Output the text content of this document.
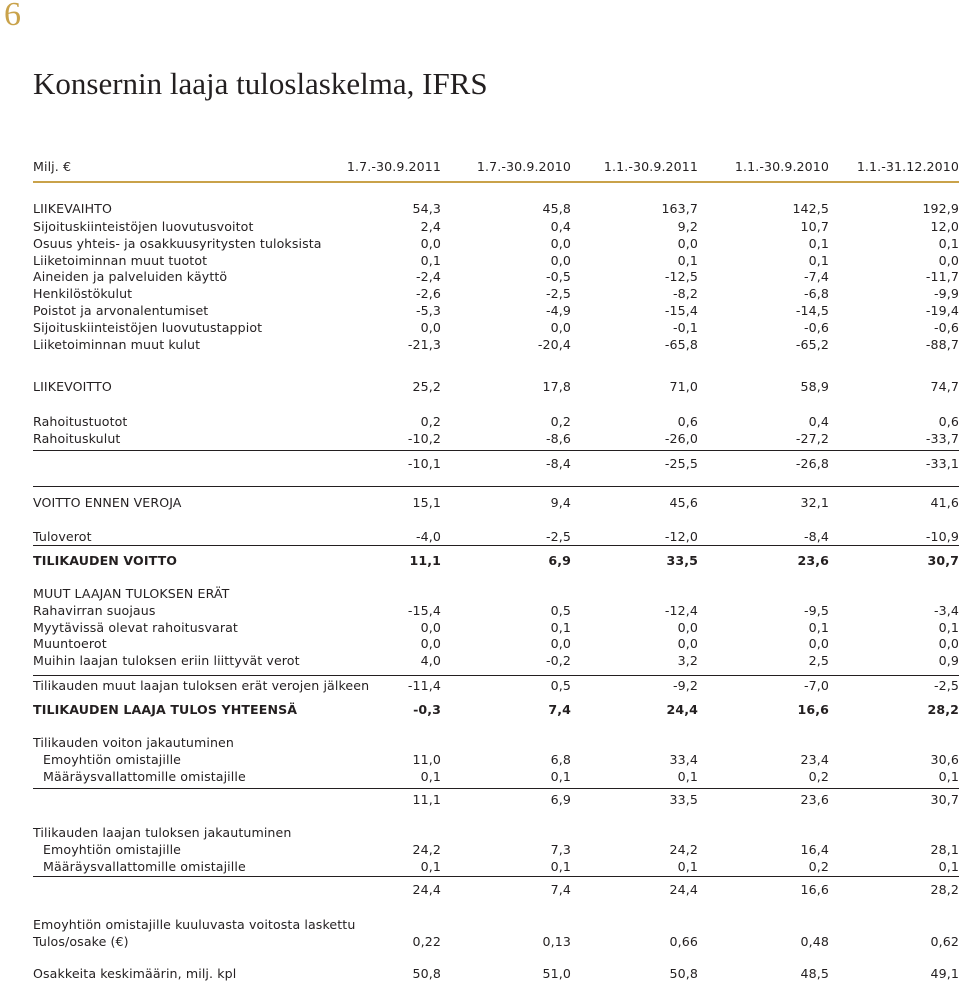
6
Konsernin laaja tuloslaskelma, IFRS
Milj. €	1.7.-30.9.2011	1.7.-30.9.2010	1.1.-30.9.2011	1.1.-30.9.2010	1.1.-31.12.2010
LIIKEVAIHTO	54,3	45,8	163,7	142,5	192,9
Sijoituskiinteistöjen luovutusvoitot	2,4	0,4	9,2	10,7	12,0
Osuus yhteis- ja osakkuusyritysten tuloksista	0,0	0,0	0,0	0,1	0,1
Liiketoiminnan muut tuotot	0,1	0,0	0,1	0,1	0,0
Aineiden ja palveluiden käyttö	-2,4	-0,5	-12,5	-7,4	-11,7
Henkilöstökulut	-2,6	-2,5	-8,2	-6,8	-9,9
Poistot ja arvonalentumiset	-5,3	-4,9	-15,4	-14,5	-19,4
Sijoituskiinteistöjen luovutustappiot	0,0	0,0	-0,1	-0,6	-0,6
Liiketoiminnan muut kulut	-21,3	-20,4	-65,8	-65,2	-88,7
LIIKEVOITTO	25,2	17,8	71,0	58,9	74,7
Rahoitustuotot	0,2	0,2	0,6	0,4	0,6
Rahoituskulut	-10,2	-8,6	-26,0	-27,2	-33,7
-10,1	-8,4	-25,5	-26,8	-33,1
VOITTO ENNEN VEROJA	15,1	9,4	45,6	32,1	41,6
Tuloverot	-4,0	-2,5	-12,0	-8,4	-10,9
TILIKAUDEN VOITTO	11,1	6,9	33,5	23,6	30,7
MUUT LAAJAN TULOKSEN ERÄT
Rahavirran suojaus	-15,4	0,5	-12,4	-9,5	-3,4
Myytävissä olevat rahoitusvarat	0,0	0,1	0,0	0,1	0,1
Muuntoerot	0,0	0,0	0,0	0,0	0,0
Muihin laajan tuloksen eriin liittyvät verot	4,0	-0,2	3,2	2,5	0,9
Tilikauden muut laajan tuloksen erät verojen jälkeen	-11,4	0,5	-9,2	-7,0	-2,5
TILIKAUDEN LAAJA TULOS YHTEENSÄ	-0,3	7,4	24,4	16,6	28,2
Tilikauden voiton jakautuminen
Emoyhtiön omistajille	11,0	6,8	33,4	23,4	30,6
Määräysvallattomille omistajille	0,1	0,1	0,1	0,2	0,1
11,1	6,9	33,5	23,6	30,7
Tilikauden laajan tuloksen jakautuminen
Emoyhtiön omistajille	24,2	7,3	24,2	16,4	28,1
Määräysvallattomille omistajille	0,1	0,1	0,1	0,2	0,1
24,4	7,4	24,4	16,6	28,2
Emoyhtiön omistajille kuuluvasta voitosta laskettu
Tulos/osake (€)	0,22	0,13	0,66	0,48	0,62
Osakkeita keskimäärin, milj. kpl	50,8	51,0	50,8	48,5	49,1
